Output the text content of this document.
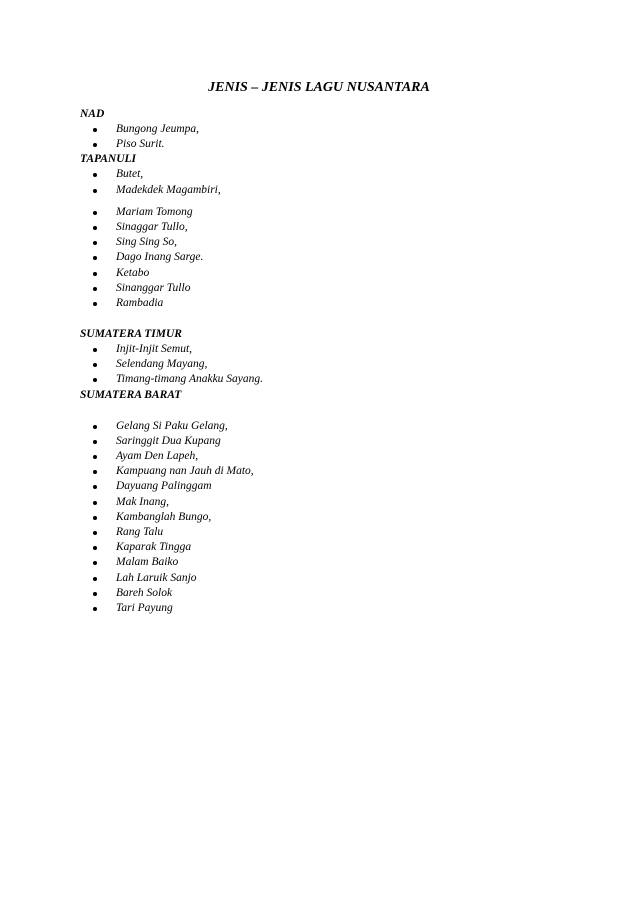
JENIS – JENIS LAGU NUSANTARA
NAD
Bungong Jeumpa,
Piso Surit.
TAPANULI
Butet,
Madekdek Magambiri,
Mariam Tomong
Sinaggar Tullo,
Sing Sing So,
Dago Inang Sarge.
Ketabo
Sinanggar Tullo
Rambadia
SUMATERA TIMUR
Injit-Injit Semut,
Selendang Mayang,
Timang-timang Anakku Sayang.
SUMATERA BARAT
Gelang Si Paku Gelang,
Saringgit Dua Kupang
Ayam Den Lapeh,
Kampuang nan Jauh di Mato,
Dayuang Palinggam
Mak Inang,
Kambanglah Bungo,
Rang Talu
Kaparak Tingga
Malam Baiko
Lah Laruik Sanjo
Bareh Solok
Tari Payung
